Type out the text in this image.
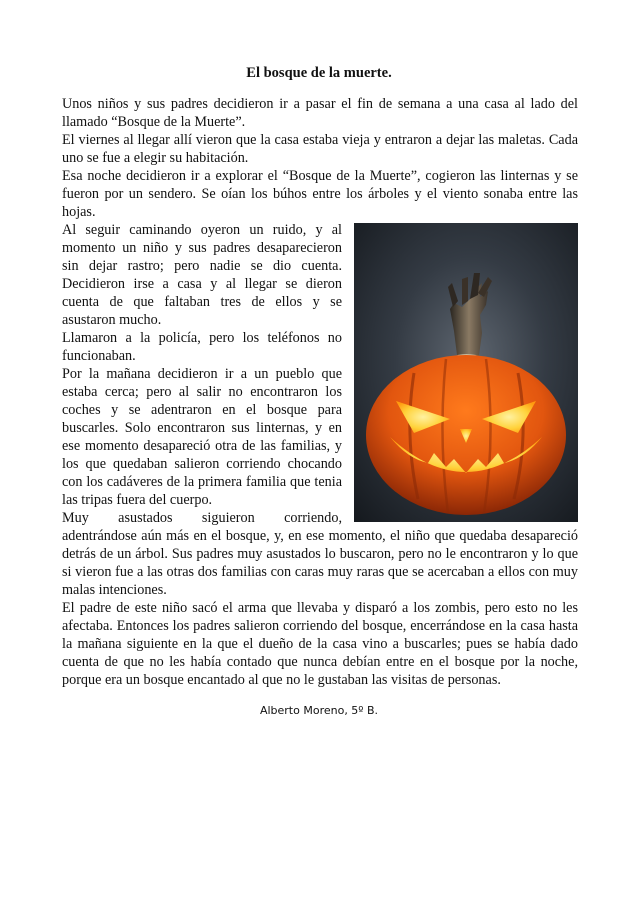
El bosque de la muerte.

Unos niños y sus padres decidieron ir a pasar el fin de semana a una casa al lado del llamado “Bosque de la Muerte”.

El viernes al llegar allí vieron que la casa estaba vieja y entraron a dejar las maletas. Cada uno se fue a elegir su habitación.

Esa noche decidieron ir a explorar el “Bosque de la Muerte”, cogieron las linternas y se fueron por un sendero. Se oían los búhos entre los árboles y el viento sonaba entre las hojas.

Al seguir caminando oyeron un ruido, y al momento un niño y sus padres desaparecieron sin dejar rastro; pero nadie se dio cuenta. Decidieron irse a casa y al llegar se dieron cuenta de que faltaban tres de ellos y se asustaron mucho.

Llamaron a la policía, pero los teléfonos no funcionaban.

Por la mañana decidieron ir a un pueblo que estaba cerca; pero al salir no encontraron los coches y se adentraron en el bosque para buscarles. Solo encontraron sus linternas, y en ese momento desapareció otra de las familias, y los que quedaban salieron corriendo chocando con los cadáveres de la primera familia que tenia las tripas fuera del cuerpo.

Muy asustados siguieron corriendo, adentrándose aún más en el bosque, y, en ese momento, el niño que quedaba desapareció detrás de un árbol. Sus padres muy asustados lo buscaron, pero no le encontraron y lo que si vieron fue a las otras dos familias con caras muy raras que se acercaban a ellos con muy malas intenciones.

El padre de este niño sacó el arma que llevaba y disparó a los zombis, pero esto no les afectaba. Entonces los padres salieron corriendo del bosque, encerrándose en la casa hasta la mañana siguiente en la que el dueño de la casa vino a buscarles; pues se había dado cuenta de que no les había contado que nunca debían entre en el bosque por la noche, porque era un bosque encantado al que no le gustaban las visitas de personas.

Alberto Moreno, 5º B.
